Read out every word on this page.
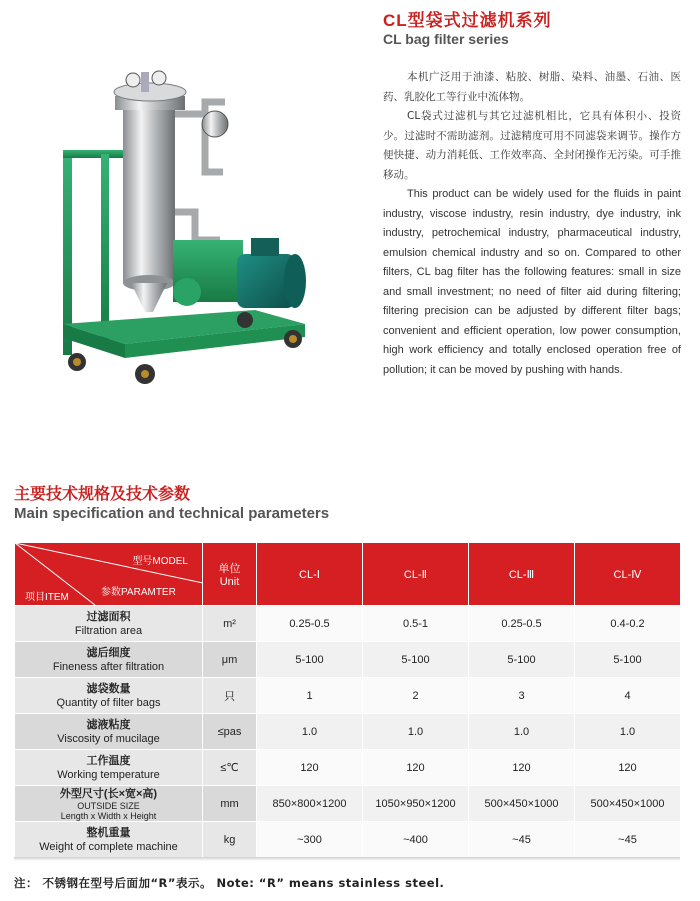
CL型袋式过滤机系列
CL bag filter series

本机广泛用于油漆、粘胶、树脂、染料、油墨、石油、医药、乳胶化工等行业中流体物。

CL袋式过滤机与其它过滤机相比，它具有体积小、投资少。过滤时不需助滤剂。过滤精度可用不同滤袋来调节。操作方便快捷、动力消耗低、工作效率高、全封闭操作无污染。可手推移动。

This product can be widely used for the fluids in paint industry, viscose industry, resin industry, dye industry, ink industry, petrochemical industry, pharmaceutical industry, emulsion chemical industry and so on. Compared to other filters, CL bag filter has the following features: small in size and small investment; no need of filter aid during filtering; filtering precision can be adjusted by different filter bags; convenient and efficient operation, low power consumption, high work efficiency and totally enclosed operation free of pollution; it can be moved by pushing with hands.

主要技术规格及技术参数
Main specification and technical parameters
型号MODEL
参数PARAMTER
项目ITEM	单位
Unit	CL-Ⅰ	CL-Ⅱ	CL-Ⅲ	CL-Ⅳ

过滤面积
Filtration area	m²	0.25-0.5	0.5-1	0.25-0.5	0.4-0.2

滤后细度
Fineness after filtration	μm	5-100	5-100	5-100	5-100

滤袋数量
Quantity of filter bags	只	1	2	3	4

滤液粘度
Viscosity of mucilage	≤pas	1.0	1.0	1.0	1.0

工作温度
Working temperature	≤℃	120	120	120	120

外型尺寸(长×宽×高)
OUTSIDE SIZE
Length x Width x Height	mm	850×800×1200	1050×950×1200	500×450×1000	500×450×1000

整机重量
Weight of complete machine	kg	~300	~400	~45	~45
注： 不锈钢在型号后面加“R”表示。 Note: “R” means stainless steel.
